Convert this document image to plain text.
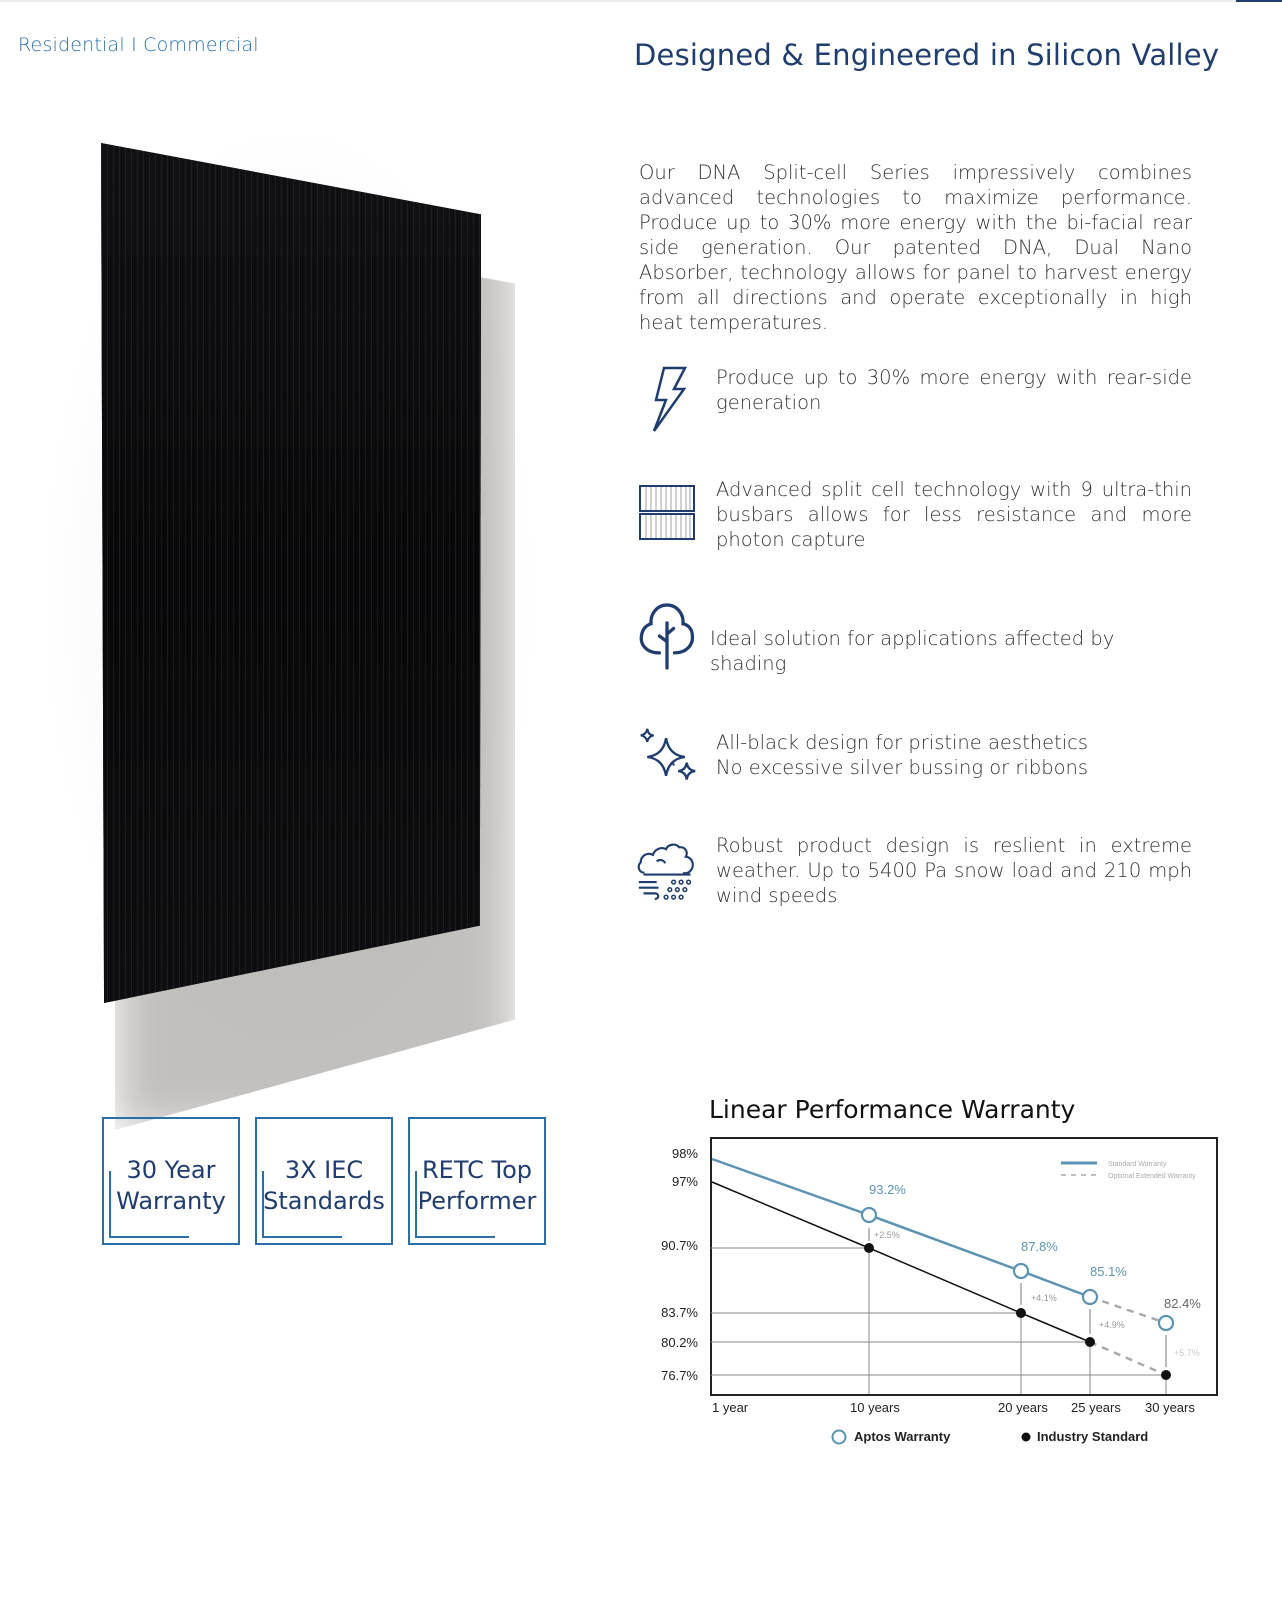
Residential I Commercial	Designed & Engineered in Silicon Valley

Our DNA Split-cell Series impressively combines advanced technologies to maximize performance. Produce up to 30% more energy with the bi-facial rear side generation. Our patented DNA, Dual Nano Absorber, technology allows for panel to harvest energy from all directions and operate exceptionally in high heat temperatures.

Produce up to 30% more energy with rear-side generation
Advanced split cell technology with 9 ultra-thin busbars allows for less resistance and more photon capture
Ideal solution for applications affected by shading
All-black design for pristine aesthetics
No excessive silver bussing or ribbons
Robust product design is reslient in extreme weather. Up to 5400 Pa snow load and 210 mph wind speeds
30 Year
Warranty
3X IEC
Standards
RETC Top
Performer
Linear Performance Warranty
93.2%
87.8%
85.1%
82.4%
+2.5%
+4.1%
+4.9%
+5.7%
98%
97%
90.7%
83.7%
80.2%
76.7%
1 year	10 years	20 years 25 years 30 years
Standard Warranty
Optional Extended Warranty
Aptos Warranty	Industry Standard
